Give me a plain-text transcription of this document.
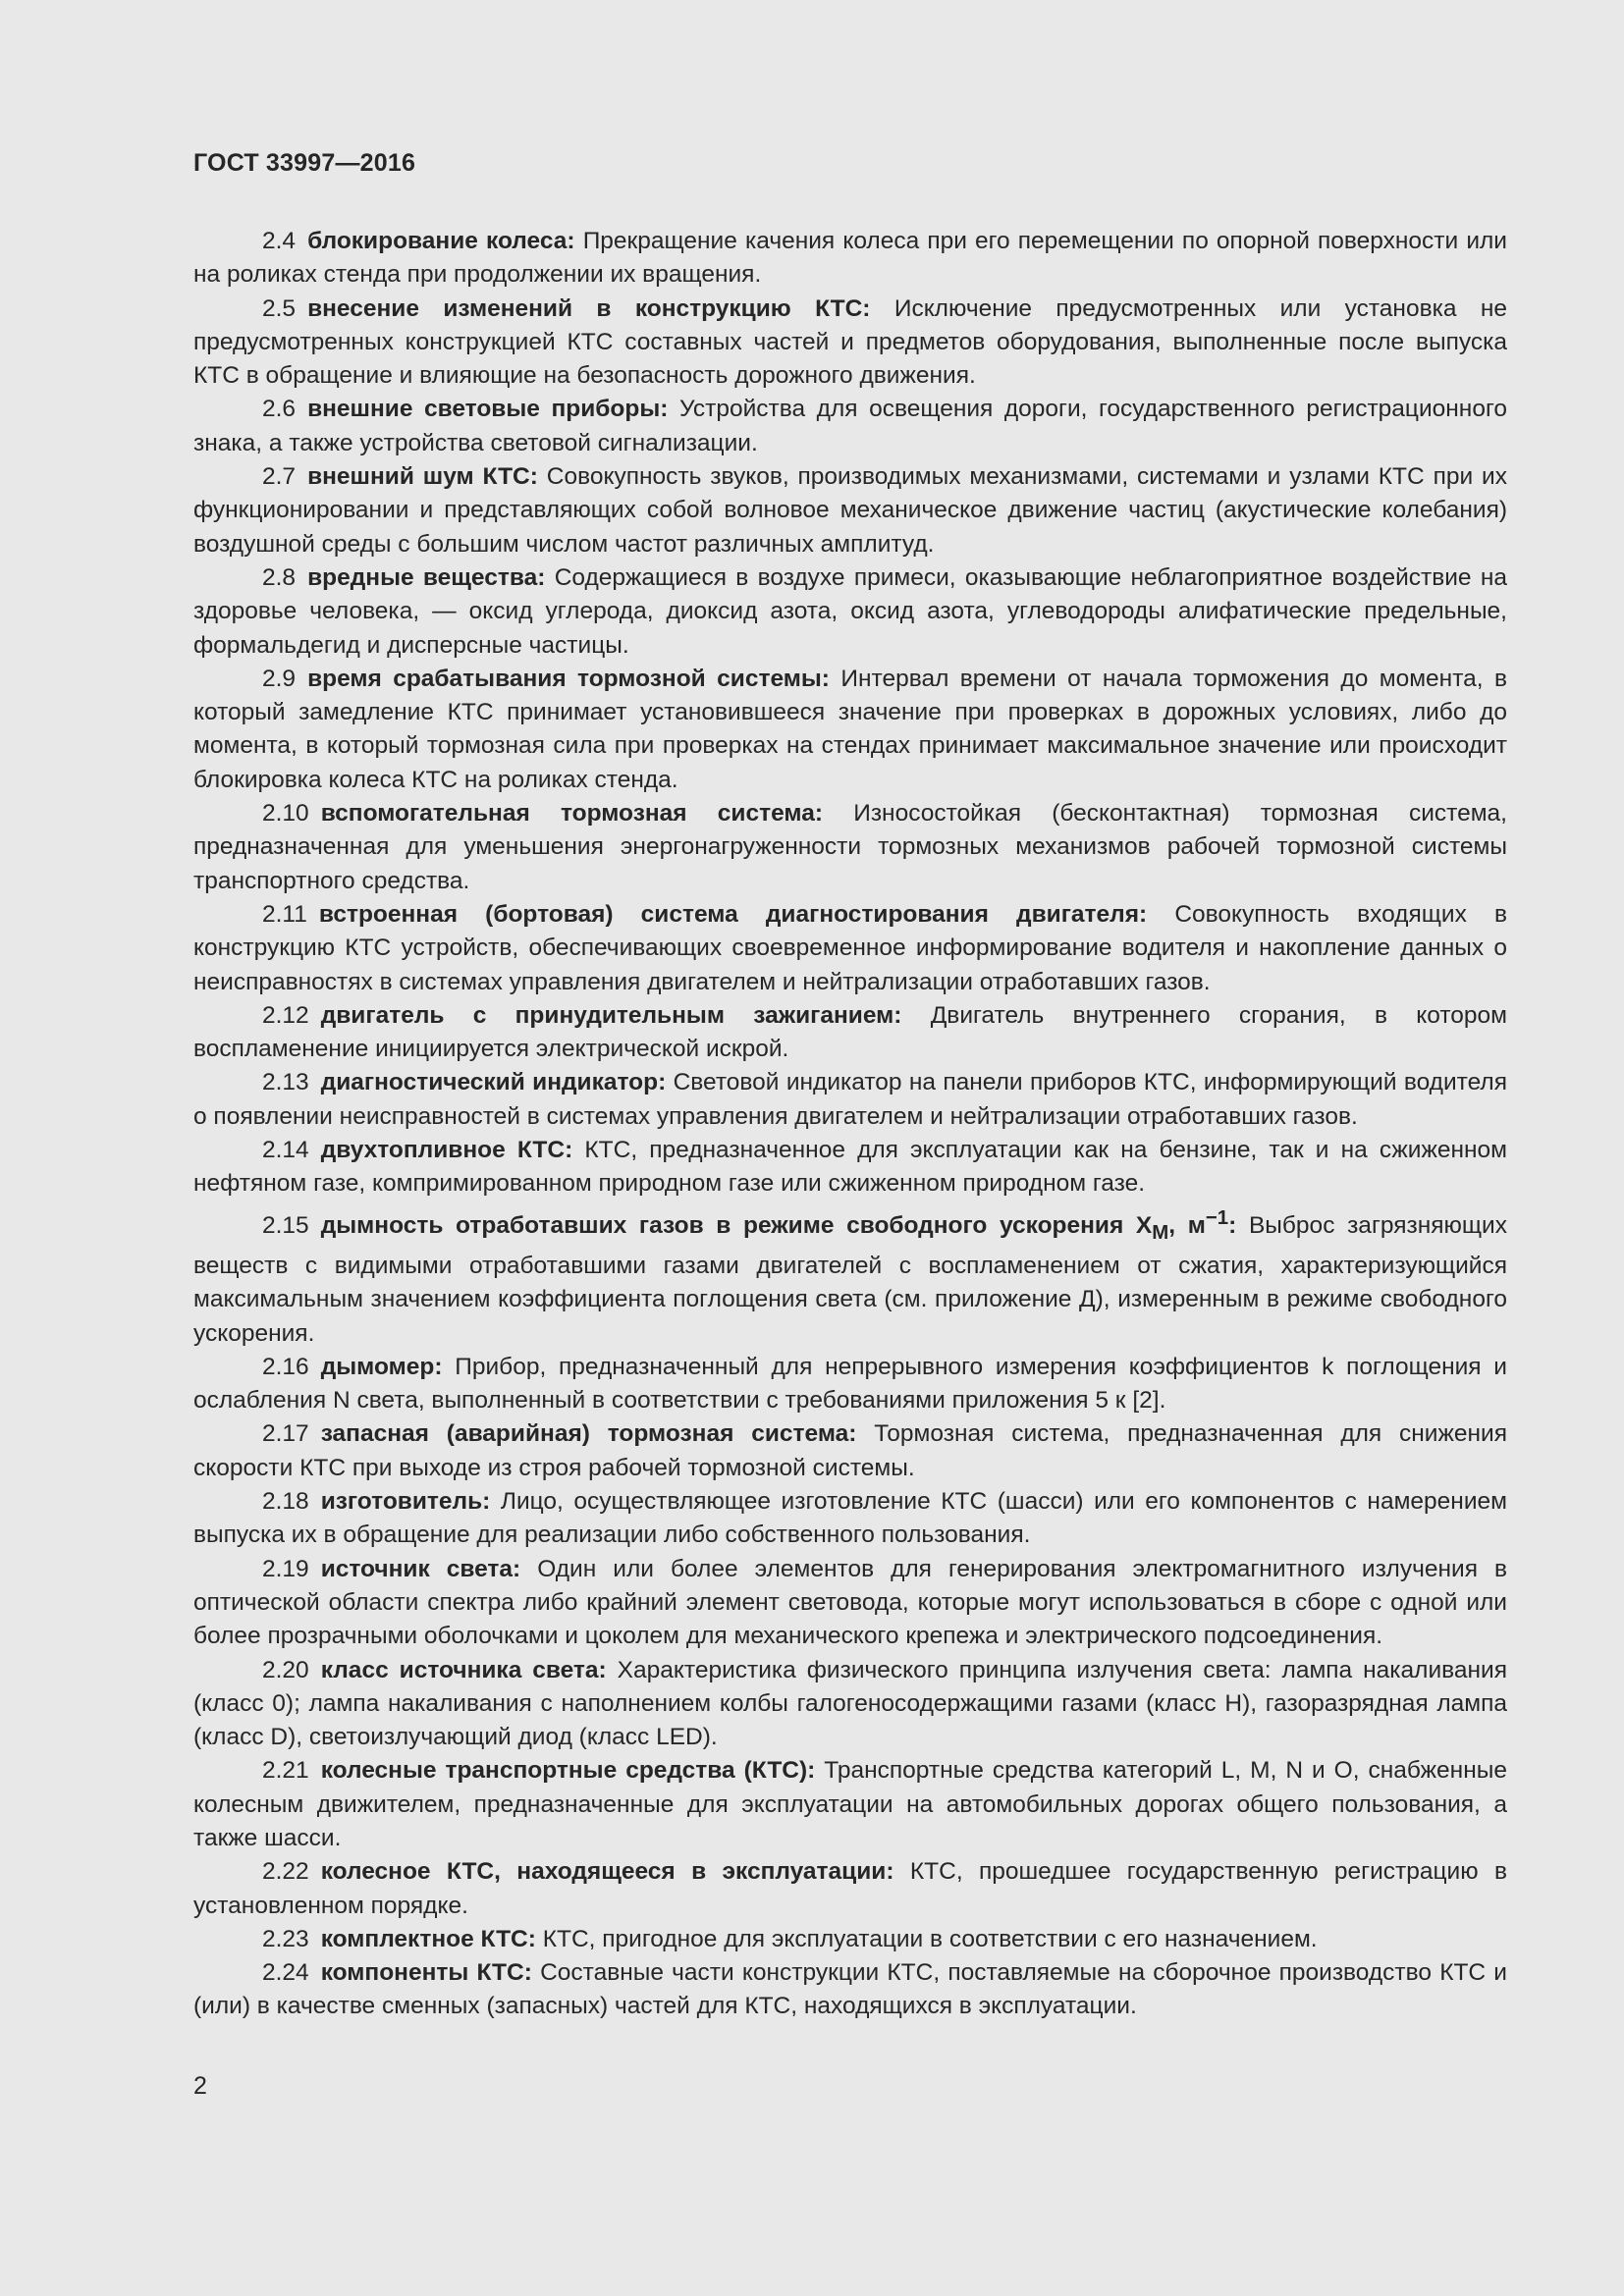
ГОСТ 33997—2016

2.4 блокирование колеса: Прекращение качения колеса при его перемещении по опорной поверхности или на роликах стенда при продолжении их вращения.

2.5 внесение изменений в конструкцию КТС: Исключение предусмотренных или установка не предусмотренных конструкцией КТС составных частей и предметов оборудования, выполненные после выпуска КТС в обращение и влияющие на безопасность дорожного движения.

2.6 внешние световые приборы: Устройства для освещения дороги, государственного регистрационного знака, а также устройства световой сигнализации.

2.7 внешний шум КТС: Совокупность звуков, производимых механизмами, системами и узлами КТС при их функционировании и представляющих собой волновое механическое движение частиц (акустические колебания) воздушной среды с большим числом частот различных амплитуд.

2.8 вредные вещества: Содержащиеся в воздухе примеси, оказывающие неблагоприятное воздействие на здоровье человека, — оксид углерода, диоксид азота, оксид азота, углеводороды алифатические предельные, формальдегид и дисперсные частицы.

2.9 время срабатывания тормозной системы: Интервал времени от начала торможения до момента, в который замедление КТС принимает установившееся значение при проверках в дорожных условиях, либо до момента, в который тормозная сила при проверках на стендах принимает максимальное значение или происходит блокировка колеса КТС на роликах стенда.

2.10 вспомогательная тормозная система: Износостойкая (бесконтактная) тормозная система, предназначенная для уменьшения энергонагруженности тормозных механизмов рабочей тормозной системы транспортного средства.

2.11 встроенная (бортовая) система диагностирования двигателя: Совокупность входящих в конструкцию КТС устройств, обеспечивающих своевременное информирование водителя и накопление данных о неисправностях в системах управления двигателем и нейтрализации отработавших газов.

2.12 двигатель с принудительным зажиганием: Двигатель внутреннего сгорания, в котором воспламенение инициируется электрической искрой.

2.13 диагностический индикатор: Световой индикатор на панели приборов КТС, информирующий водителя о появлении неисправностей в системах управления двигателем и нейтрализации отработавших газов.

2.14 двухтопливное КТС: КТС, предназначенное для эксплуатации как на бензине, так и на сжиженном нефтяном газе, компримированном природном газе или сжиженном природном газе.

2.15 дымность отработавших газов в режиме свободного ускорения $X_М$, $м^{-1}$: Выброс загрязняющих веществ с видимыми отработавшими газами двигателей с воспламенением от сжатия, характеризующийся максимальным значением коэффициента поглощения света (см. приложение Д), измеренным в режиме свободного ускорения.

2.16 дымомер: Прибор, предназначенный для непрерывного измерения коэффициентов k поглощения и ослабления N света, выполненный в соответствии с требованиями приложения 5 к [2].

2.17 запасная (аварийная) тормозная система: Тормозная система, предназначенная для снижения скорости КТС при выходе из строя рабочей тормозной системы.

2.18 изготовитель: Лицо, осуществляющее изготовление КТС (шасси) или его компонентов с намерением выпуска их в обращение для реализации либо собственного пользования.

2.19 источник света: Один или более элементов для генерирования электромагнитного излучения в оптической области спектра либо крайний элемент световода, которые могут использоваться в сборе с одной или более прозрачными оболочками и цоколем для механического крепежа и электрического подсоединения.

2.20 класс источника света: Характеристика физического принципа излучения света: лампа накаливания (класс 0); лампа накаливания с наполнением колбы галогеносодержащими газами (класс H), газоразрядная лампа (класс D), светоизлучающий диод (класс LED).

2.21 колесные транспортные средства (КТС): Транспортные средства категорий L, M, N и O, снабженные колесным движителем, предназначенные для эксплуатации на автомобильных дорогах общего пользования, а также шасси.

2.22 колесное КТС, находящееся в эксплуатации: КТС, прошедшее государственную регистрацию в установленном порядке.

2.23 комплектное КТС: КТС, пригодное для эксплуатации в соответствии с его назначением.

2.24 компоненты КТС: Составные части конструкции КТС, поставляемые на сборочное производство КТС и (или) в качестве сменных (запасных) частей для КТС, находящихся в эксплуатации.

2
